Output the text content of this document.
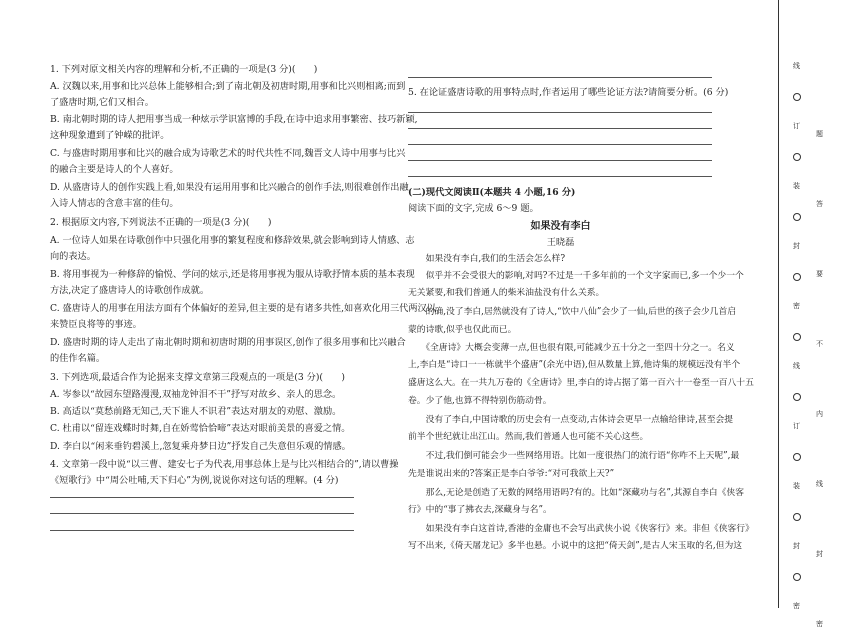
1. 下列对原文相关内容的理解和分析,不正确的一项是(3 分)(　　)
A. 汉魏以来,用事和比兴总体上能够相合;到了南北朝及初唐时期,用事和比兴则相离;而到
了盛唐时期,它们又相合。
B. 南北朝时期的诗人把用事当成一种炫示学识富博的手段,在诗中追求用事繁密、技巧新颖,
这种现象遭到了钟嵘的批评。
C. 与盛唐时期用事和比兴的融合成为诗歌艺术的时代共性不同,魏晋文人诗中用事与比兴
的融合主要是诗人的个人喜好。
D. 从盛唐诗人的创作实践上看,如果没有运用用事和比兴融合的创作手法,则很难创作出融
入诗人情志的含意丰富的佳句。
2. 根据原文内容,下列说法不正确的一项是(3 分)(　　)
A. 一位诗人如果在诗歌创作中只强化用事的繁复程度和修辞效果,就会影响到诗人情感、志
向的表达。
B. 将用事视为一种修辞的愉悦、学问的炫示,还是将用事视为服从诗歌抒情本质的基本表现
方法,决定了盛唐诗人的诗歌创作成就。
C. 盛唐诗人的用事在用法方面有个体偏好的差异,但主要的是有诸多共性,如喜欢化用三代两汉以
来赞臣良将等的事迹。
D. 盛唐时期的诗人走出了南北朝时期和初唐时期的用事误区,创作了很多用事和比兴融合
的佳作名篇。
3. 下列选项,最适合作为论据来支撑文章第三段观点的一项是(3 分)(　　)
A. 岑参以“故园东望路漫漫,双袖龙钟泪不干”抒写对故乡、亲人的思念。
B. 高适以“莫愁前路无知己,天下谁人不识君”表达对朋友的劝慰、激励。
C. 杜甫以“留连戏蝶时时舞,自在娇莺恰恰啼”表达对眼前美景的喜爱之情。
D. 李白以“闲来垂钓碧溪上,忽复乘舟梦日边”抒发自己失意但乐观的情感。
4. 文章第一段中说“以三曹、建安七子为代表,用事总体上是与比兴相结合的”,请以曹操
《短歌行》中“周公吐哺,天下归心”为例,说说你对这句话的理解。(4 分)
5. 在论证盛唐诗歌的用事特点时,作者运用了哪些论证方法?请简要分析。(6 分)
(二)现代文阅读Ⅱ(本题共 4 小题,16 分)
阅读下面的文字,完成 6～9 题。
如果没有李白
王晓磊
　　如果没有李白,我们的生活会怎么样?
　　似乎并不会受很大的影响,对吗?不过是一千多年前的一个文字家而已,多一个少一个
无关紧要,和我们普通人的柴米油盐没有什么关系。
　　的确,没了李白,居然就没有了诗人,“饮中八仙”会少了一仙,后世的孩子会少几首启
蒙的诗歌,似乎也仅此而已。
　　《全唐诗》大概会变薄一点,但也很有限,可能减少五十分之一至四十分之一。名义
上,李白是“诗口一一栋就半个盛唐”(余光中语),但从数量上算,他诗集的规模远没有半个
盛唐这么大。在一共九万卷的《全唐诗》里,李白的诗占据了第一百六十一卷至一百八十五
卷。少了他,也算不得特别伤筋动骨。
　　没有了李白,中国诗歌的历史会有一点变动,古体诗会更早一点输给律诗,甚至会提
前半个世纪就让出江山。然而,我们普通人也可能不关心这些。
　　不过,我们倒可能会少一些网络用语。比如一度很热门的流行语“你咋不上天呢”,最
先是谁说出来的?答案正是李白爷爷:“对可我欲上天?”
　　那么,无论是创造了无数的网络用语吗?有的。比如“深藏功与名”,其源自李白《侠客
行》中的“事了拂衣去,深藏身与名”。
　　如果没有李白这首诗,香港的金庸也不会写出武侠小说《侠客行》来。非但《侠客行》
写不出来,《倚天屠龙记》多半也悬。小说中的这把“倚天剑”,是古人宋玉取的名,但为这
线
订
装
封
密
线
订
装
封
密
题
答
要
不
内
线
封
密
